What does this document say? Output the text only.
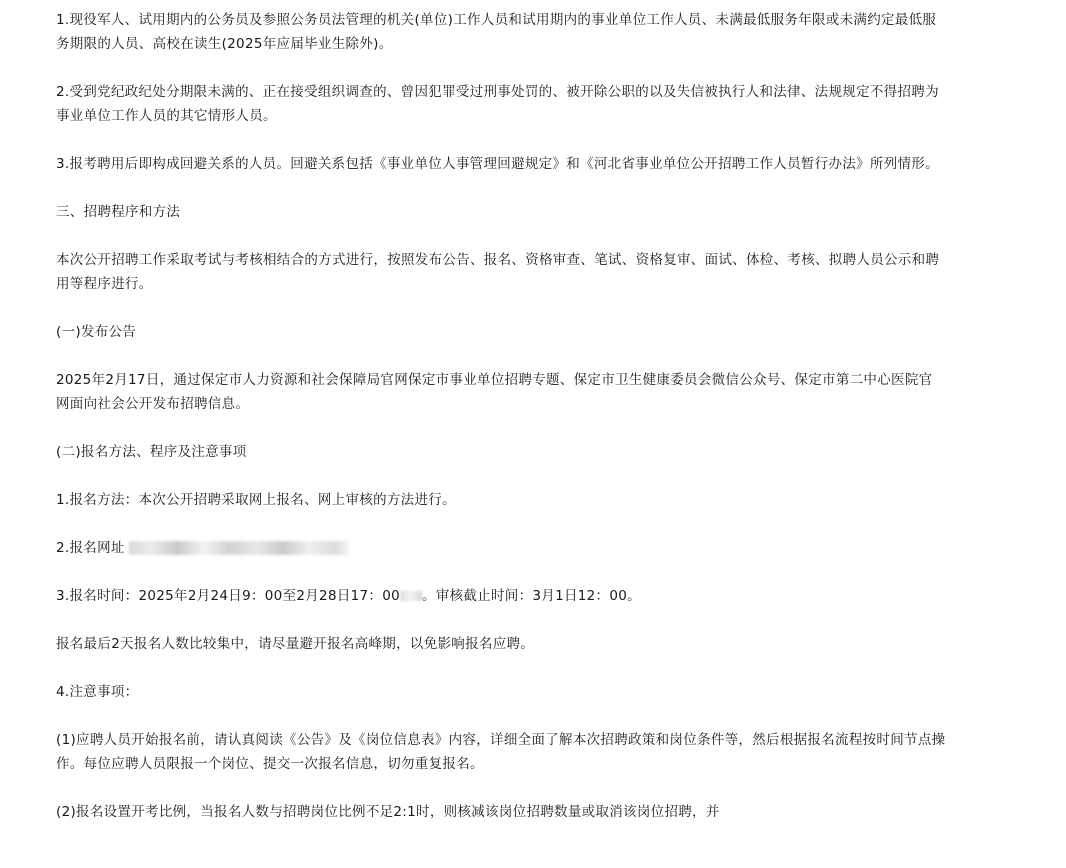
1.现役军人、试用期内的公务员及参照公务员法管理的机关(单位)工作人员和试用期内的事业单位工作人员、未满最低服务年限或未满约定最低服务期限的人员、高校在读生(2025年应届毕业生除外)。

2.受到党纪政纪处分期限未满的、正在接受组织调查的、曾因犯罪受过刑事处罚的、被开除公职的以及失信被执行人和法律、法规规定不得招聘为事业单位工作人员的其它情形人员。

3.报考聘用后即构成回避关系的人员。回避关系包括《事业单位人事管理回避规定》和《河北省事业单位公开招聘工作人员暂行办法》所列情形。

三、招聘程序和方法

本次公开招聘工作采取考试与考核相结合的方式进行，按照发布公告、报名、资格审查、笔试、资格复审、面试、体检、考核、拟聘人员公示和聘用等程序进行。

(一)发布公告

2025年2月17日，通过保定市人力资源和社会保障局官网保定市事业单位招聘专题、保定市卫生健康委员会微信公众号、保定市第二中心医院官网面向社会公开发布招聘信息。

(二)报名方法、程序及注意事项

1.报名方法：本次公开招聘采取网上报名、网上审核的方法进行。

2.报名网址

3.报名时间：2025年2月24日9：00至2月28日17：00 。审核截止时间：3月1日12：00。

报名最后2天报名人数比较集中，请尽量避开报名高峰期，以免影响报名应聘。

4.注意事项：

(1)应聘人员开始报名前，请认真阅读《公告》及《岗位信息表》内容，详细全面了解本次招聘政策和岗位条件等，然后根据报名流程按时间节点操作。每位应聘人员限报一个岗位、提交一次报名信息，切勿重复报名。

(2)报名设置开考比例，当报名人数与招聘岗位比例不足2:1时，则核减该岗位招聘数量或取消该岗位招聘，并
